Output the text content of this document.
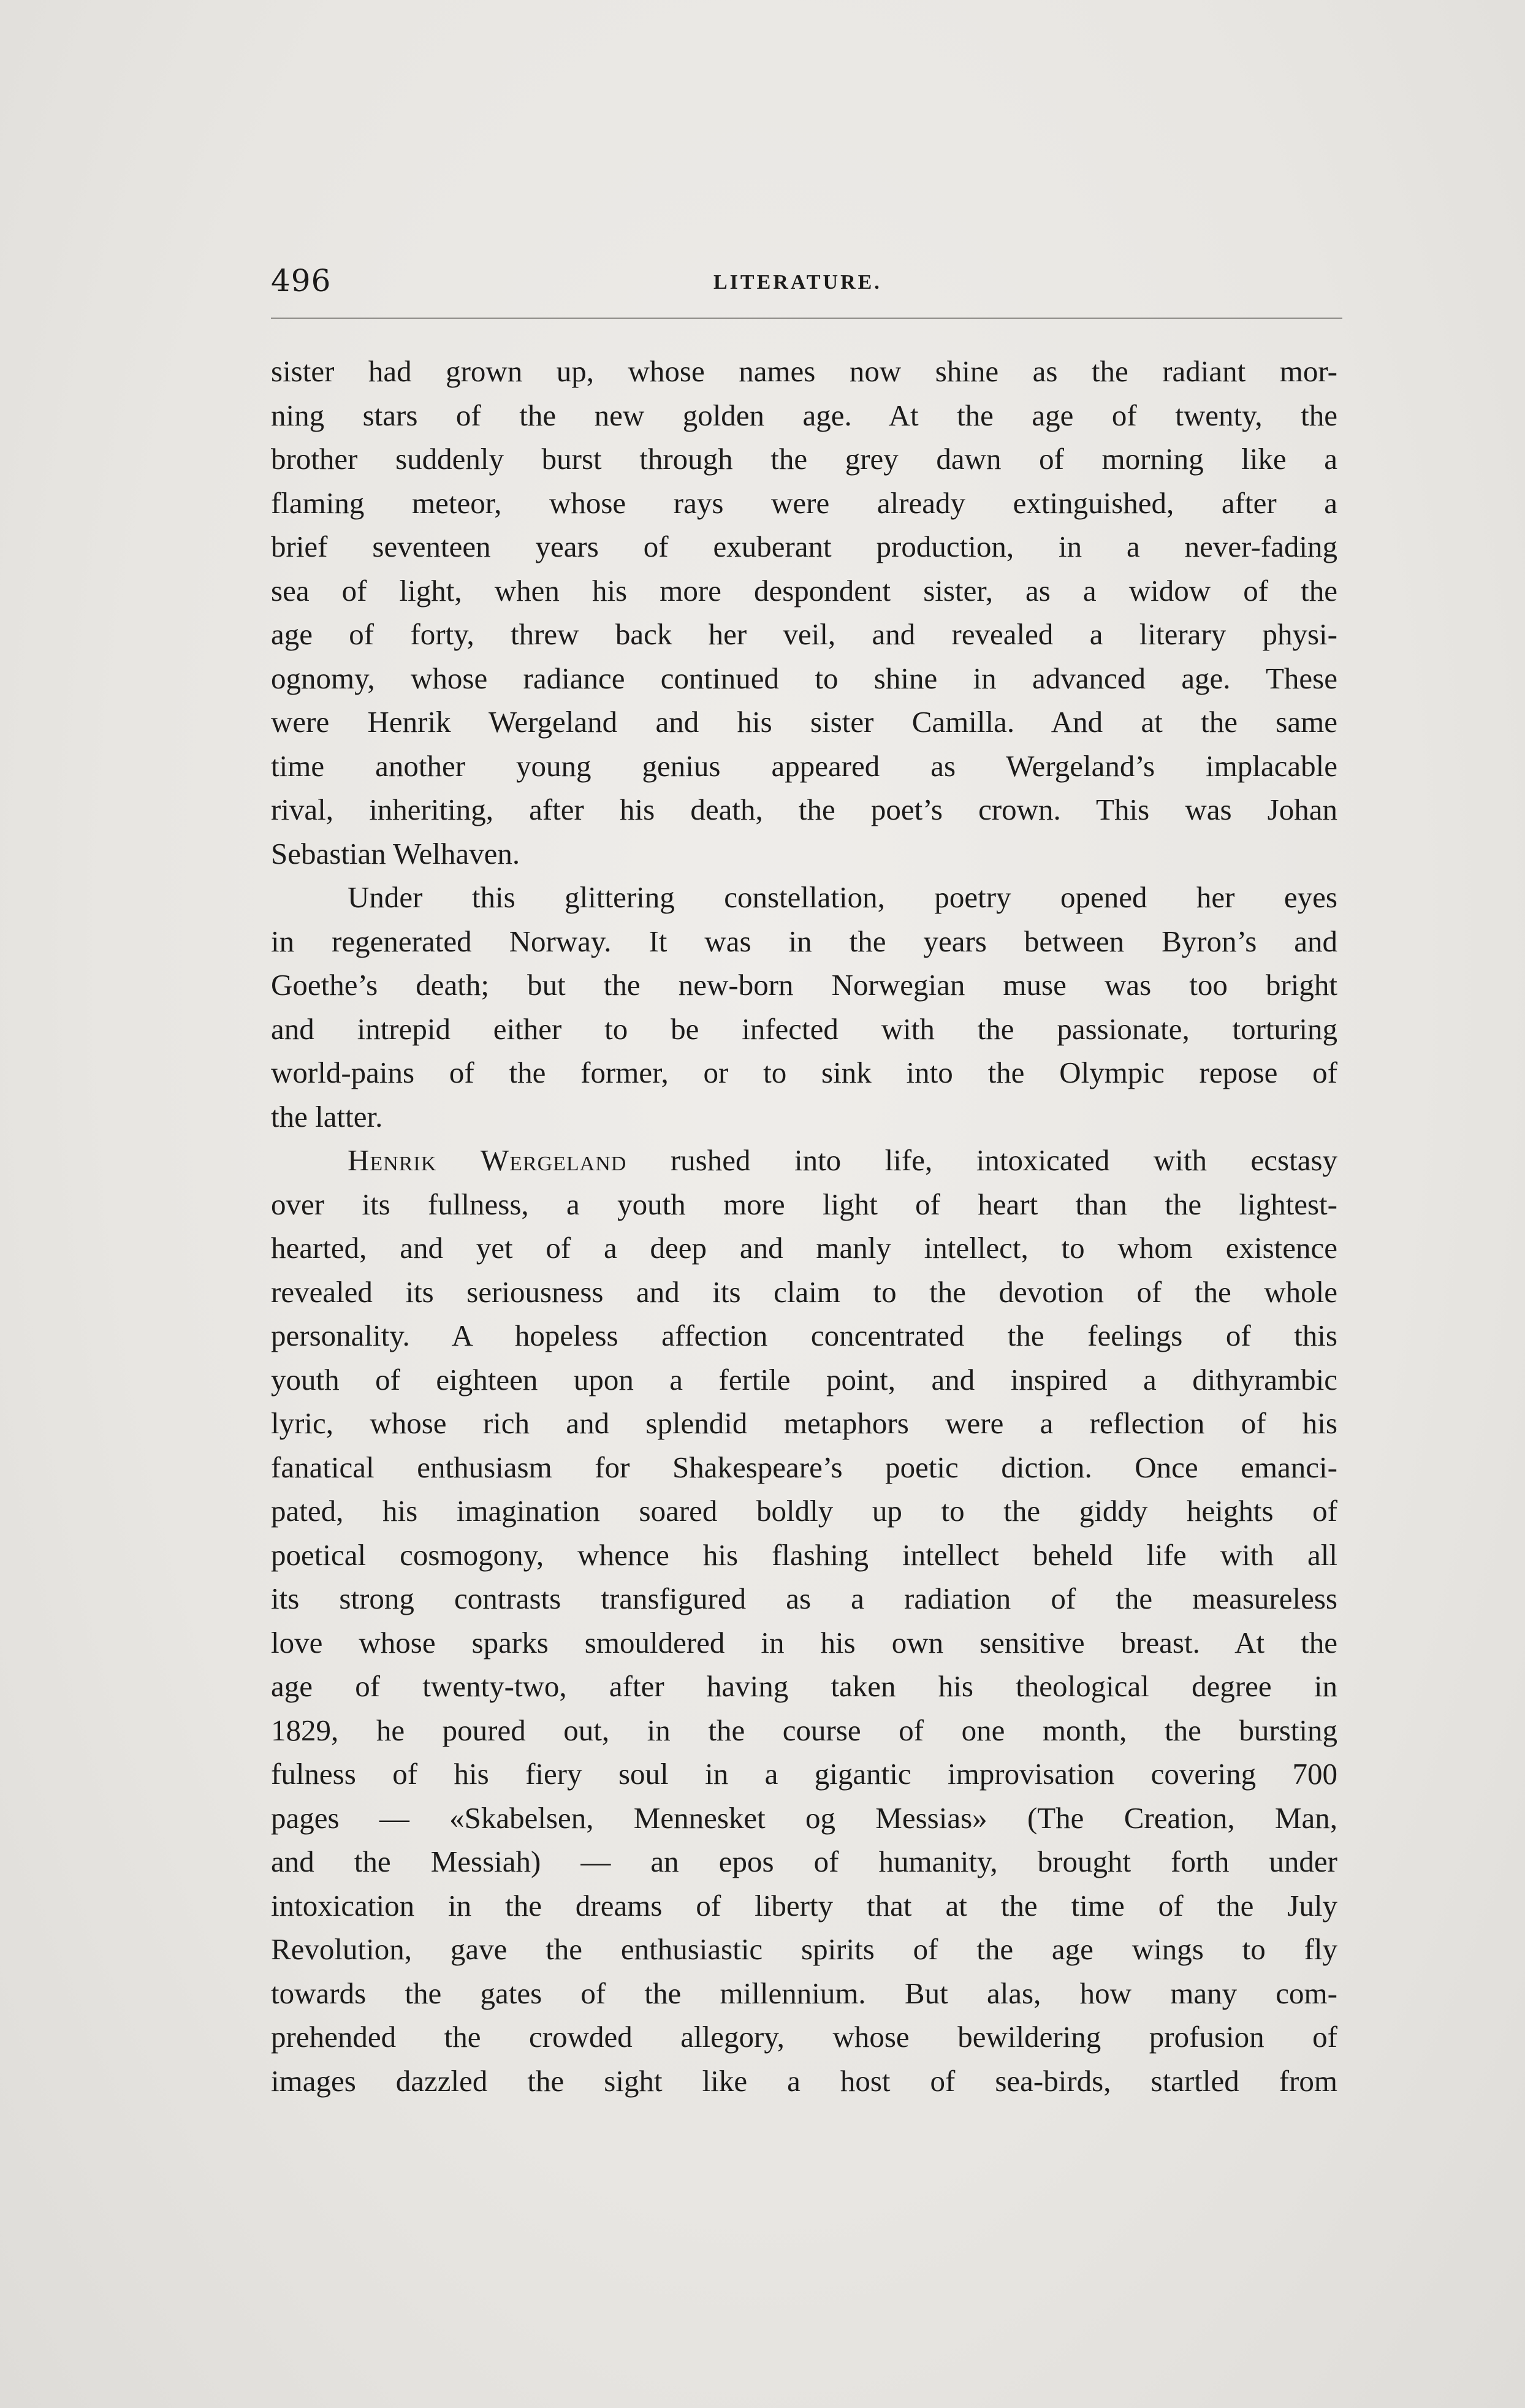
496	LITERATURE.
sister had grown up, whose names now shine as the radiant mor-
ning stars of the new golden age. At the age of twenty, the
brother suddenly burst through the grey dawn of morning like a
flaming meteor, whose rays were already extinguished, after a
brief seventeen years of exuberant production, in a never-fading
sea of light, when his more despondent sister, as a widow of the
age of forty, threw back her veil, and revealed a literary physi-
ognomy, whose radiance continued to shine in advanced age. These
were Henrik Wergeland and his sister Camilla. And at the same
time another young genius appeared as Wergeland’s implacable
rival, inheriting, after his death, the poet’s crown. This was Johan
Sebastian Welhaven.
Under this glittering constellation, poetry opened her eyes
in regenerated Norway. It was in the years between Byron’s and
Goethe’s death; but the new-born Norwegian muse was too bright
and intrepid either to be infected with the passionate, torturing
world-pains of the former, or to sink into the Olympic repose of
the latter.
Henrik Wergeland rushed into life, intoxicated with ecstasy
over its fullness, a youth more light of heart than the lightest-
hearted, and yet of a deep and manly intellect, to whom existence
revealed its seriousness and its claim to the devotion of the whole
personality. A hopeless affection concentrated the feelings of this
youth of eighteen upon a fertile point, and inspired a dithyrambic
lyric, whose rich and splendid metaphors were a reflection of his
fanatical enthusiasm for Shakespeare’s poetic diction. Once emanci-
pated, his imagination soared boldly up to the giddy heights of
poetical cosmogony, whence his flashing intellect beheld life with all
its strong contrasts transfigured as a radiation of the measureless
love whose sparks smouldered in his own sensitive breast. At the
age of twenty-two, after having taken his theological degree in
1829, he poured out, in the course of one month, the bursting
fulness of his fiery soul in a gigantic improvisation covering 700
pages — «Skabelsen, Mennesket og Messias» (The Creation, Man,
and the Messiah) — an epos of humanity, brought forth under
intoxication in the dreams of liberty that at the time of the July
Revolution, gave the enthusiastic spirits of the age wings to fly
towards the gates of the millennium. But alas, how many com-
prehended the crowded allegory, whose bewildering profusion of
images dazzled the sight like a host of sea-birds, startled from
